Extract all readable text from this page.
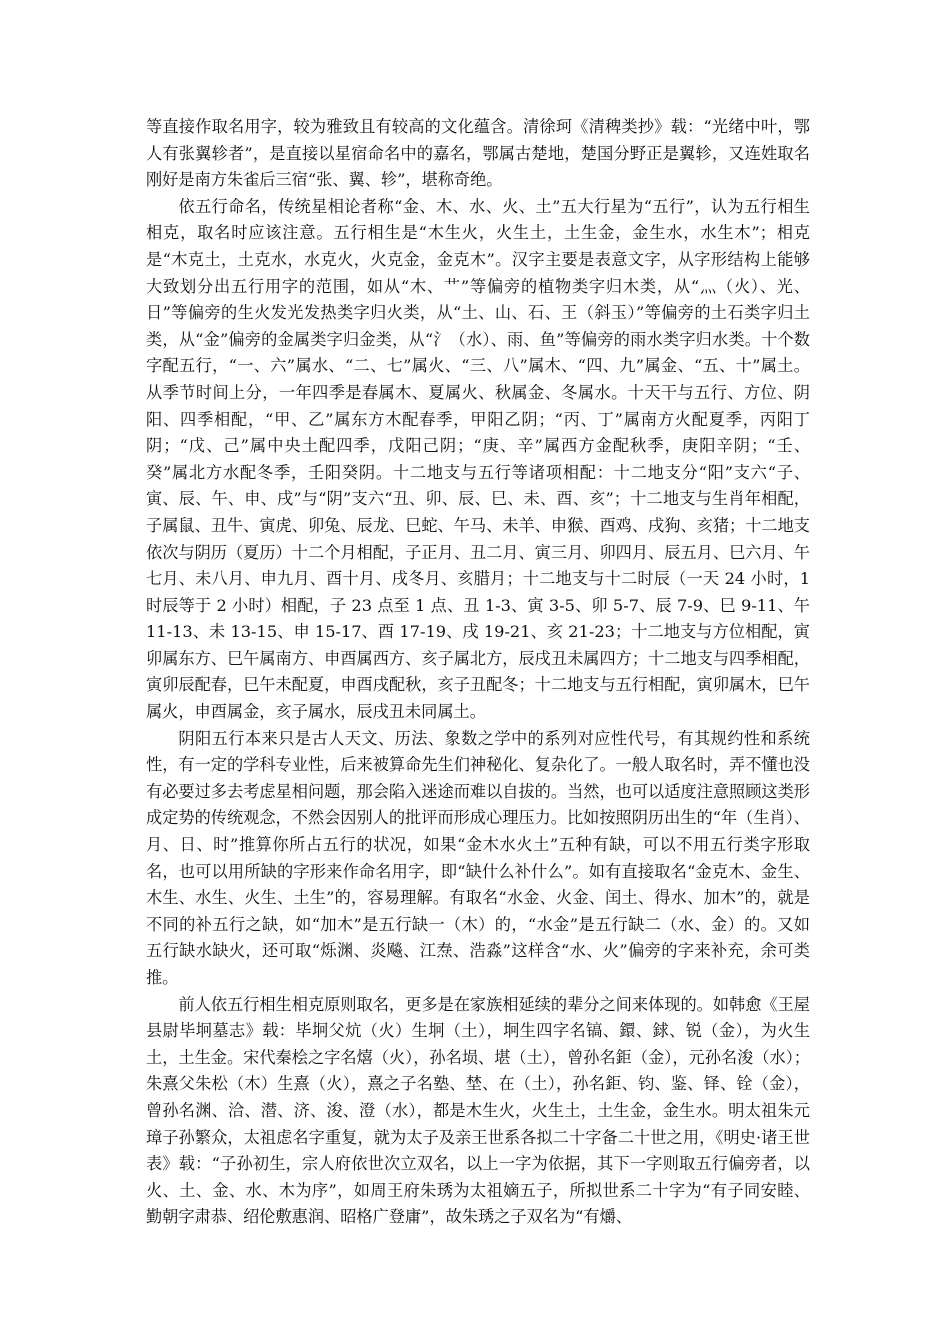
等直接作取名用字，较为雅致且有较高的文化蕴含。清徐珂《清稗类抄》载：“光绪中叶，鄂人有张翼轸者”，是直接以星宿命名中的嘉名，鄂属古楚地，楚国分野正是翼轸，又连姓取名刚好是南方朱雀后三宿“张、翼、轸”，堪称奇绝。

依五行命名，传统星相论者称“金、木、水、火、土”五大行星为“五行”，认为五行相生相克，取名时应该注意。五行相生是“木生火，火生土，土生金，金生水，水生木”；相克是“木克土，土克水，水克火，火克金，金克木”。汉字主要是表意文字，从字形结构上能够大致划分出五行用字的范围，如从“木、艹”等偏旁的植物类字归木类，从“灬（火）、光、日”等偏旁的生火发光发热类字归火类，从“土、山、石、王（斜玉）”等偏旁的土石类字归土类，从“金”偏旁的金属类字归金类，从“氵（水）、雨、鱼”等偏旁的雨水类字归水类。十个数字配五行，“一、六”属水、“二、七”属火、“三、八”属木、“四、九”属金、“五、十”属土。从季节时间上分，一年四季是春属木、夏属火、秋属金、冬属水。十天干与五行、方位、阴阳、四季相配，“甲、乙”属东方木配春季，甲阳乙阴；“丙、丁”属南方火配夏季，丙阳丁阴；“戊、己”属中央土配四季，戊阳己阴；“庚、辛”属西方金配秋季，庚阳辛阴；“壬、癸”属北方水配冬季，壬阳癸阴。十二地支与五行等诸项相配：十二地支分“阳”支六“子、寅、辰、午、申、戌”与“阴”支六“丑、卯、辰、巳、未、酉、亥”；十二地支与生肖年相配，子属鼠、丑牛、寅虎、卯兔、辰龙、巳蛇、午马、未羊、申猴、酉鸡、戌狗、亥猪；十二地支依次与阴历（夏历）十二个月相配，子正月、丑二月、寅三月、卯四月、辰五月、巳六月、午七月、未八月、申九月、酉十月、戌冬月、亥腊月；十二地支与十二时辰（一天 24 小时，1 时辰等于 2 小时）相配，子 23 点至 1 点、丑 1-3、寅 3-5、卯 5-7、辰 7-9、巳 9-11、午 11-13、未 13-15、申 15-17、酉 17-19、戌 19-21、亥 21-23；十二地支与方位相配，寅卯属东方、巳午属南方、申酉属西方、亥子属北方，辰戌丑未属四方；十二地支与四季相配，寅卯辰配春，巳午未配夏，申酉戌配秋，亥子丑配冬；十二地支与五行相配，寅卯属木，巳午属火，申酉属金，亥子属水，辰戌丑未同属土。

阴阳五行本来只是古人天文、历法、象数之学中的系列对应性代号，有其规约性和系统性，有一定的学科专业性，后来被算命先生们神秘化、复杂化了。一般人取名时，弄不懂也没有必要过多去考虑星相问题，那会陷入迷途而难以自拔的。当然，也可以适度注意照顾这类形成定势的传统观念，不然会因别人的批评而形成心理压力。比如按照阴历出生的“年（生肖）、月、日、时”推算你所占五行的状况，如果“金木水火土”五种有缺，可以不用五行类字形取名，也可以用所缺的字形来作命名用字，即“缺什么补什么”。如有直接取名“金克木、金生、木生、水生、火生、土生”的，容易理解。有取名“水金、火金、闰土、得水、加木”的，就是不同的补五行之缺，如“加木”是五行缺一（木）的，“水金”是五行缺二（水、金）的。又如五行缺水缺火，还可取“烁渊、炎飚、江焘、浩淼”这样含“水、火”偏旁的字来补充，余可类推。

前人依五行相生相克原则取名，更多是在家族相延续的辈分之间来体现的。如韩愈《王屋县尉毕坰墓志》载：毕坰父炕（火）生坰（土），坰生四字名镐、鐶、銶、锐（金），为火生土，土生金。宋代秦桧之字名熺（火），孙名埙、堪（土），曾孙名鉅（金），元孙名浚（水）；朱熹父朱松（木）生熹（火），熹之子名塾、埜、在（土），孙名鉅、钧、鉴、铎、铨（金），曾孙名渊、洽、潜、济、浚、澄（水），都是木生火，火生土，土生金，金生水。明太祖朱元璋子孙繁众，太祖虑名字重复，就为太子及亲王世系各拟二十字备二十世之用，《明史·诸王世表》载：“子孙初生，宗人府依世次立双名，以上一字为依据，其下一字则取五行偏旁者，以火、土、金、水、木为序”，如周王府朱琇为太祖嫡五子，所拟世系二十字为“有子同安睦、勤朝字肃恭、绍伦敷惠润、昭格广登庸”，故朱琇之子双名为“有爝、
